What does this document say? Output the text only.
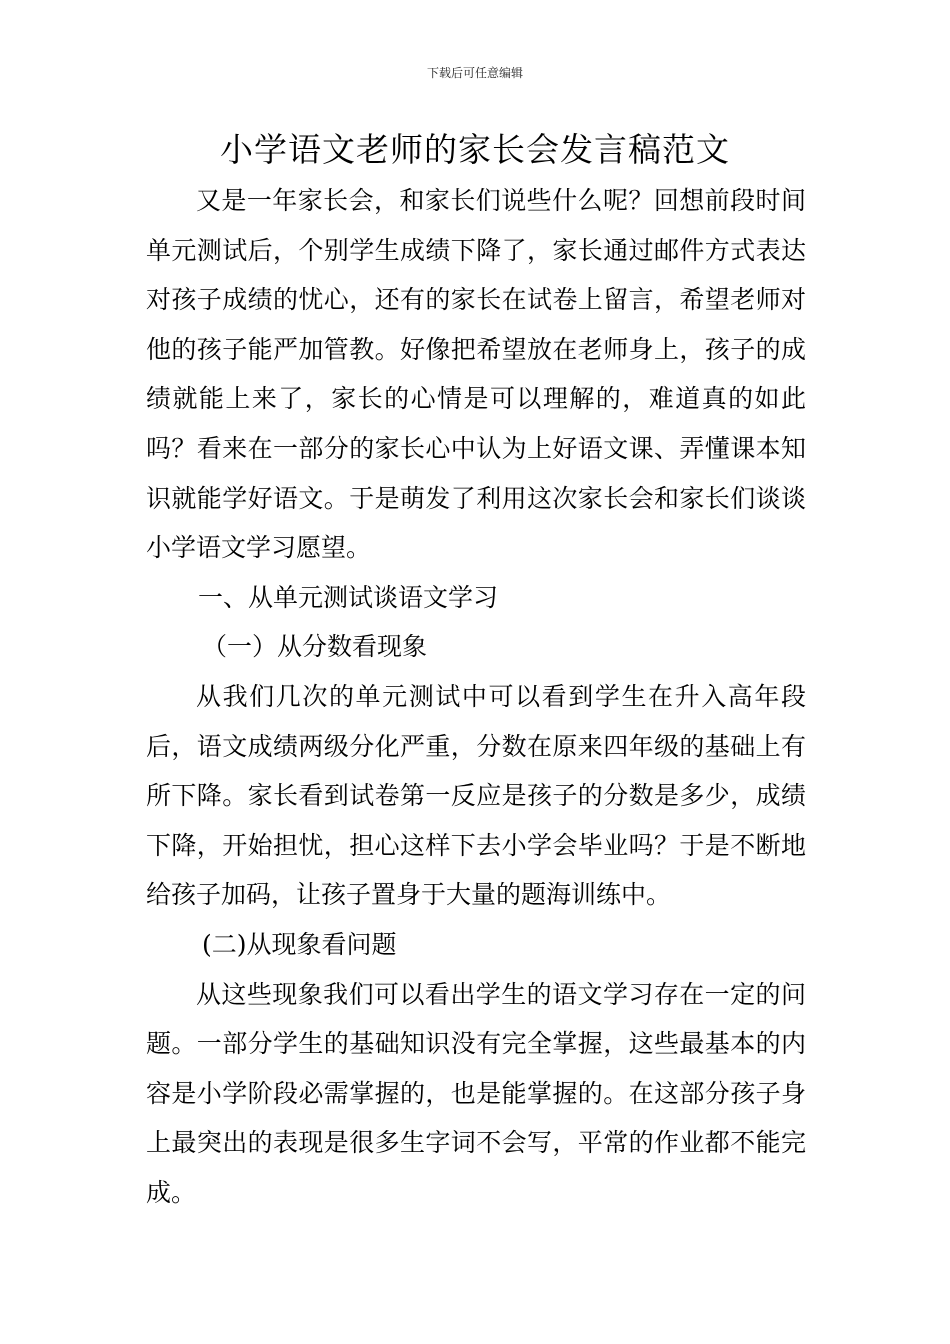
下载后可任意编辑
小学语文老师的家长会发言稿范文

又是一年家长会，和家长们说些什么呢？回想前段时间单元测试后，个别学生成绩下降了，家长通过邮件方式表达对孩子成绩的忧心，还有的家长在试卷上留言，希望老师对他的孩子能严加管教。好像把希望放在老师身上，孩子的成绩就能上来了，家长的心情是可以理解的，难道真的如此吗？看来在一部分的家长心中认为上好语文课、弄懂课本知识就能学好语文。于是萌发了利用这次家长会和家长们谈谈小学语文学习愿望。

一、从单元测试谈语文学习

（一）从分数看现象

从我们几次的单元测试中可以看到学生在升入高年段后，语文成绩两级分化严重，分数在原来四年级的基础上有所下降。家长看到试卷第一反应是孩子的分数是多少，成绩下降，开始担忧，担心这样下去小学会毕业吗？于是不断地给孩子加码，让孩子置身于大量的题海训练中。

(二)从现象看问题

从这些现象我们可以看出学生的语文学习存在一定的问题。一部分学生的基础知识没有完全掌握，这些最基本的内容是小学阶段必需掌握的，也是能掌握的。在这部分孩子身上最突出的表现是很多生字词不会写，平常的作业都不能完成。
